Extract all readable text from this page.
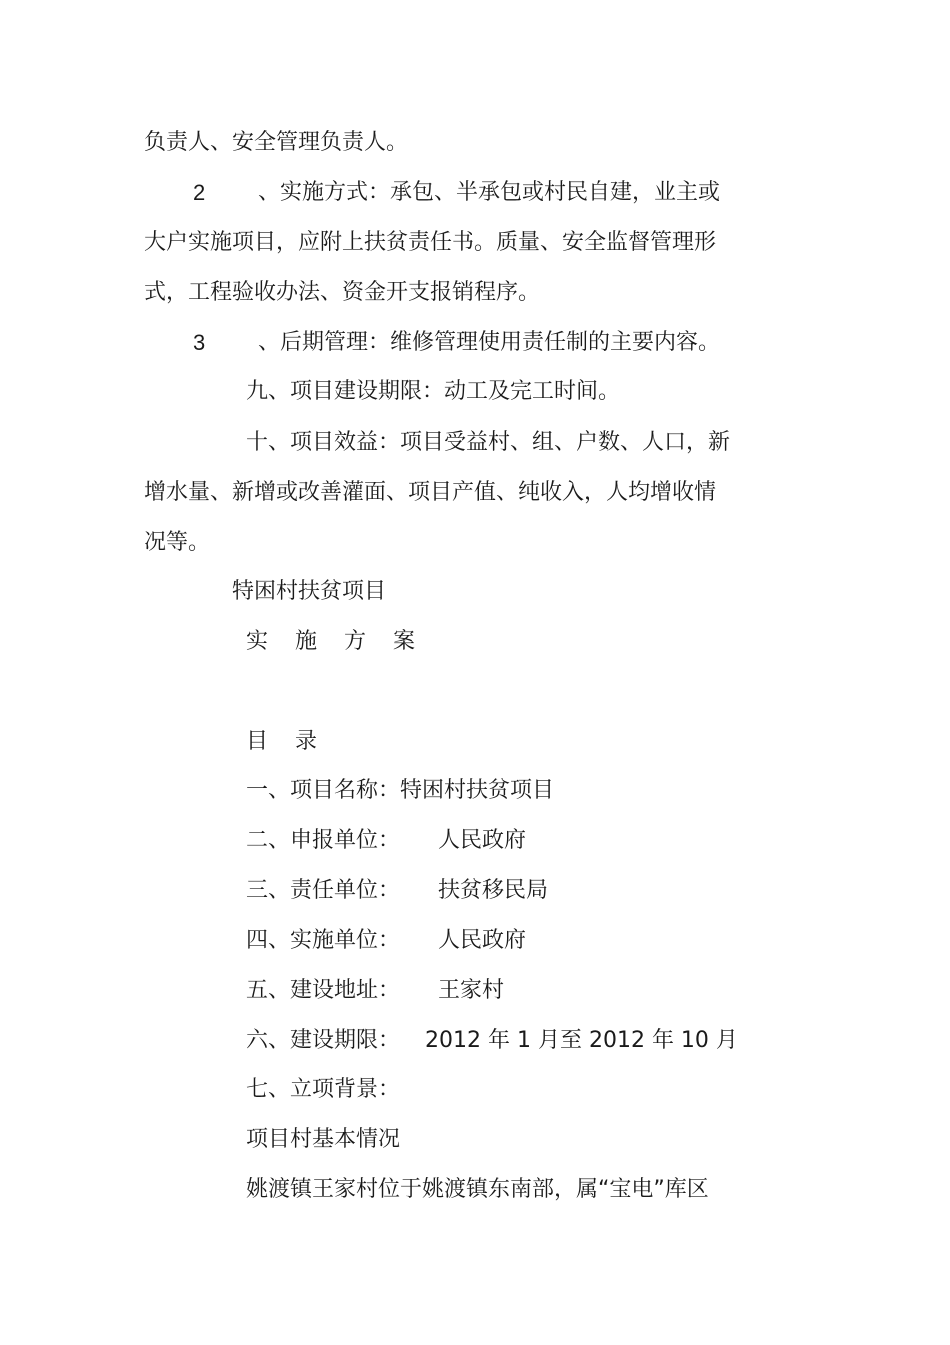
负责人、安全管理负责人。
2 、实施方式：承包、半承包或村民自建，业主或
大户实施项目，应附上扶贫责任书。质量、安全监督管理形
式，工程验收办法、资金开支报销程序。
3 、后期管理：维修管理使用责任制的主要内容。
九、项目建设期限：动工及完工时间。
十、项目效益：项目受益村、组、户数、人口，新
增水量、新增或改善灌面、项目产值、纯收入，人均增收情
况等。
特困村扶贫项目
实施方案
目录
一、项目名称：特困村扶贫项目
二、申报单位： 人民政府
三、责任单位： 扶贫移民局
四、实施单位： 人民政府
五、建设地址： 王家村
六、建设期限： 2012 年 1 月至 2012 年 10 月
七、立项背景：
项目村基本情况
姚渡镇王家村位于姚渡镇东南部，属“宝电”库区
